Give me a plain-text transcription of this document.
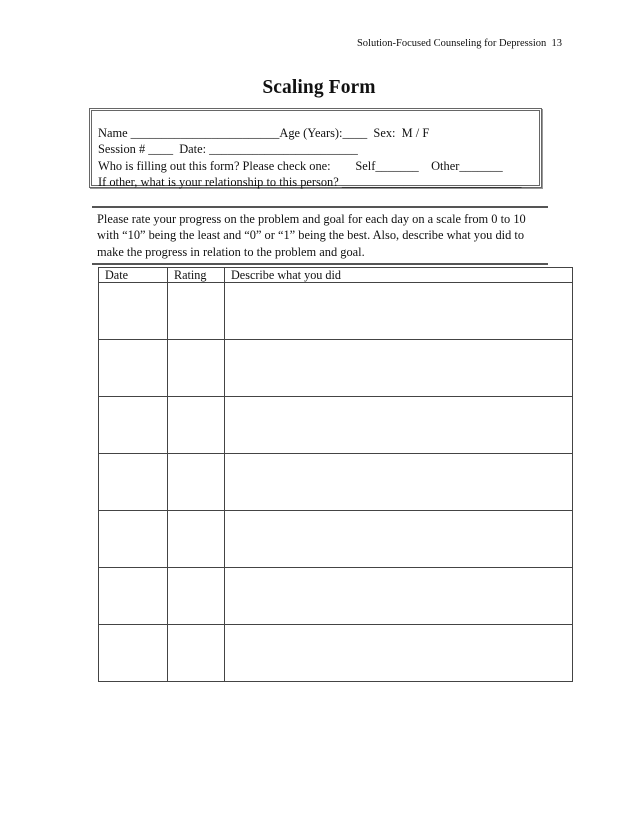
Solution-Focused Counseling for Depression 13
Scaling Form
Name ________________________Age (Years):____  Sex:  M / F
Session # ____  Date: ________________________
Who is filling out this form? Please check one:        Self_______    Other_______
If other, what is your relationship to this person? _____________________________
Please rate your progress on the problem and goal for each day on a scale from 0 to 10
with “10” being the least and “0” or “1” being the best. Also, describe what you did to
make the progress in relation to the problem and goal.
Date	Rating	Describe what you did
